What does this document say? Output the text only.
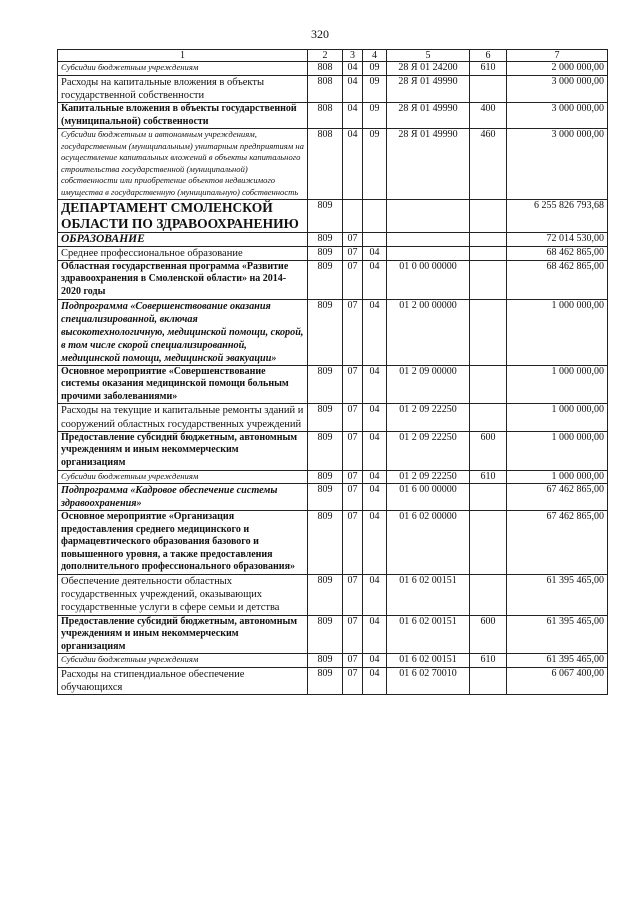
320
1	2	3	4	5	6	7
Субсидии бюджетным учреждениям	808	04	09	28 Я 01 24200	610	2 000 000,00
Расходы на капитальные вложения в объекты государственной собственности	808	04	09	28 Я 01 49990		3 000 000,00
Капитальные вложения в объекты государственной (муниципальной) собственности	808	04	09	28 Я 01 49990	400	3 000 000,00
Субсидии бюджетным и автономным учреждениям, государственным (муниципальным) унитарным предприятиям на осуществление капитальных вложений в объекты капитального строительства государственной (муниципальной) собственности или приобретение объектов недвижимого имущества в государственную (муниципальную) собственность	808	04	09	28 Я 01 49990	460	3 000 000,00
ДЕПАРТАМЕНТ СМОЛЕНСКОЙ ОБЛАСТИ ПО ЗДРАВООХРАНЕНИЮ	809					6 255 826 793,68
ОБРАЗОВАНИЕ	809	07				72 014 530,00
Среднее профессиональное образование	809	07	04			68 462 865,00
Областная государственная программа «Развитие здравоохранения в Смоленской области» на 2014-2020 годы	809	07	04	01 0 00 00000		68 462 865,00
Подпрограмма «Совершенствование оказания специализированной, включая высокотехнологичную, медицинской помощи, скорой, в том числе скорой специализированной, медицинской помощи, медицинской эвакуации»	809	07	04	01 2 00 00000		1 000 000,00
Основное мероприятие «Совершенствование системы оказания медицинской помощи больным прочими заболеваниями»	809	07	04	01 2 09 00000		1 000 000,00
Расходы на текущие и капитальные ремонты зданий и сооружений областных государственных учреждений	809	07	04	01 2 09 22250		1 000 000,00
Предоставление субсидий бюджетным, автономным учреждениям и иным некоммерческим организациям	809	07	04	01 2 09 22250	600	1 000 000,00
Субсидии бюджетным учреждениям	809	07	04	01 2 09 22250	610	1 000 000,00
Подпрограмма «Кадровое обеспечение системы здравоохранения»	809	07	04	01 6 00 00000		67 462 865,00
Основное мероприятие «Организация предоставления среднего медицинского и фармацевтического образования базового и повышенного уровня, а также предоставления дополнительного профессионального образования»	809	07	04	01 6 02 00000		67 462 865,00
Обеспечение деятельности областных государственных учреждений, оказывающих государственные услуги в сфере семьи и детства	809	07	04	01 6 02 00151		61 395 465,00
Предоставление субсидий бюджетным, автономным учреждениям и иным некоммерческим организациям	809	07	04	01 6 02 00151	600	61 395 465,00
Субсидии бюджетным учреждениям	809	07	04	01 6 02 00151	610	61 395 465,00
Расходы на стипендиальное обеспечение обучающихся	809	07	04	01 6 02 70010		6 067 400,00
